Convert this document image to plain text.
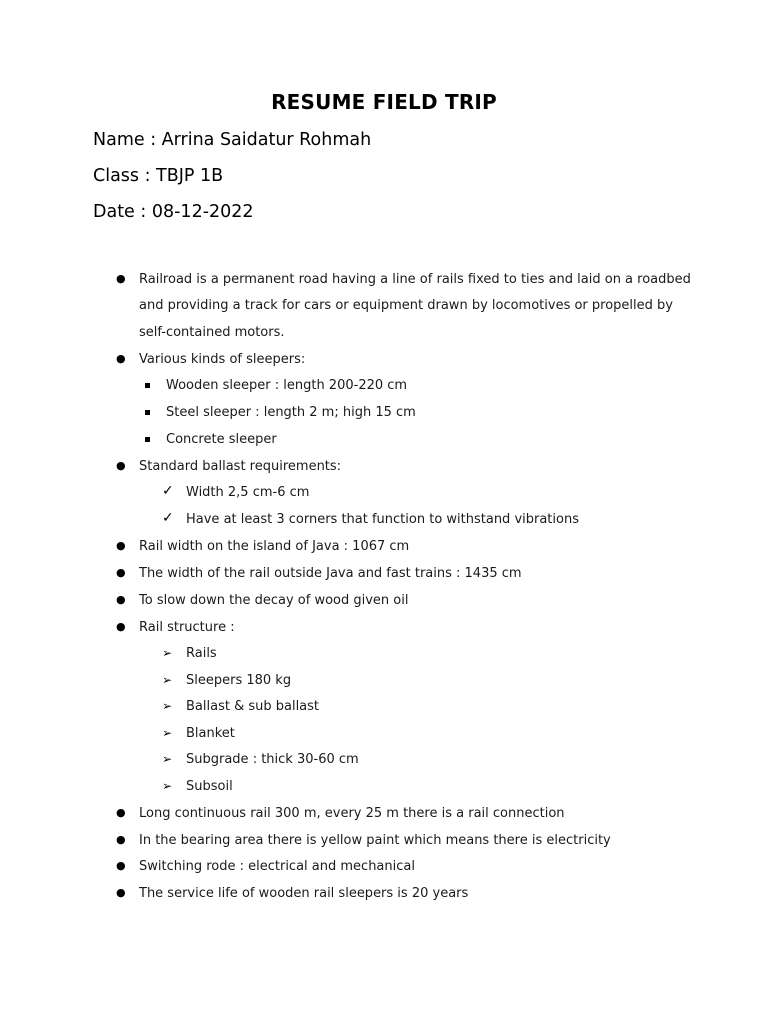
RESUME FIELD TRIP
Name : Arrina Saidatur Rohmah
Class : TBJP 1B
Date : 08-12-2022
● Railroad is a permanent road having a line of rails fixed to ties and laid on a roadbed
and providing a track for cars or equipment drawn by locomotives or propelled by
self-contained motors.
● Various kinds of sleepers:
Wooden sleeper : length 200-220 cm
Steel sleeper : length 2 m; high 15 cm
Concrete sleeper
● Standard ballast requirements:
✓ Width 2,5 cm-6 cm
✓ Have at least 3 corners that function to withstand vibrations
● Rail width on the island of Java : 1067 cm
● The width of the rail outside Java and fast trains : 1435 cm
● To slow down the decay of wood given oil
● Rail structure :
➢ Rails
➢ Sleepers 180 kg
➢ Ballast & sub ballast
➢ Blanket
➢ Subgrade : thick 30-60 cm
➢ Subsoil
● Long continuous rail 300 m, every 25 m there is a rail connection
● In the bearing area there is yellow paint which means there is electricity
● Switching rode : electrical and mechanical
● The service life of wooden rail sleepers is 20 years
